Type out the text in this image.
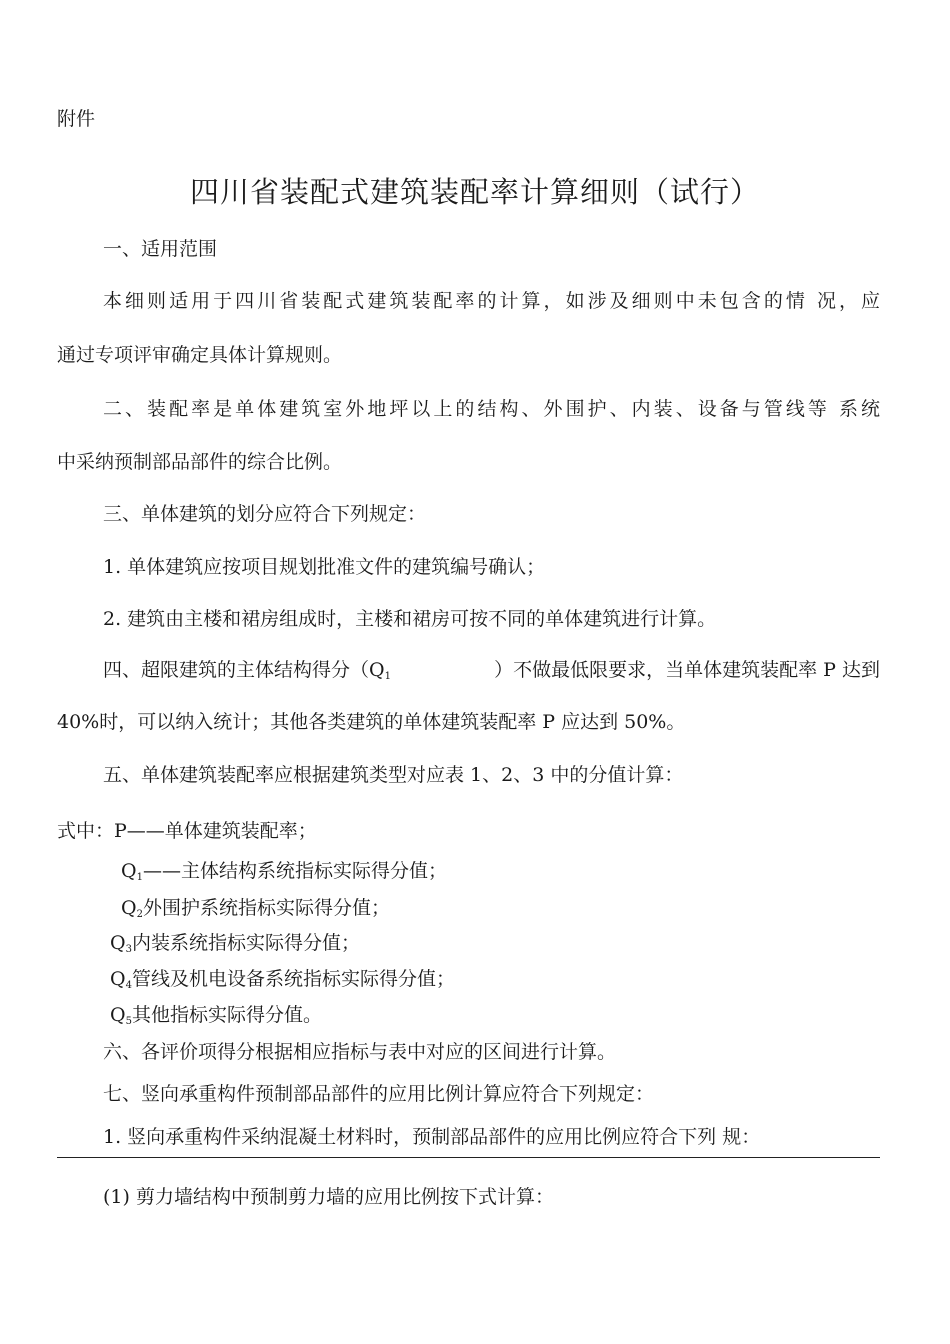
附件
四川省装配式建筑装配率计算细则（试行）
一、适用范围
本细则适用于四川省装配式建筑装配率的计算，如涉及细则中未包含的情 况，应
通过专项评审确定具体计算规则。
二、装配率是单体建筑室外地坪以上的结构、外围护、内装、设备与管线等 系统
中采纳预制部品部件的综合比例。
三、单体建筑的划分应符合下列规定：
1. 单体建筑应按项目规划批准文件的建筑编号确认；
2. 建筑由主楼和裙房组成时，主楼和裙房可按不同的单体建筑进行计算。
四、超限建筑的主体结构得分（$Q_1$	）不做最低限要求，当单体建筑装配率 P 达到
40%时，可以纳入统计；其他各类建筑的单体建筑装配率 P 应达到 50%。
五、单体建筑装配率应根据建筑类型对应表 1、2、3 中的分值计算：
式中：P——单体建筑装配率；
$Q_1——$主体结构系统指标实际得分值；
$Q_2$外围护系统指标实际得分值；
$Q_3$内装系统指标实际得分值；
$Q_4$管线及机电设备系统指标实际得分值；
$Q_5$其他指标实际得分值。
六、各评价项得分根据相应指标与表中对应的区间进行计算。
七、竖向承重构件预制部品部件的应用比例计算应符合下列规定：
1. 竖向承重构件采纳混凝土材料时，预制部品部件的应用比例应符合下列 规：
(1) 剪力墙结构中预制剪力墙的应用比例按下式计算：
